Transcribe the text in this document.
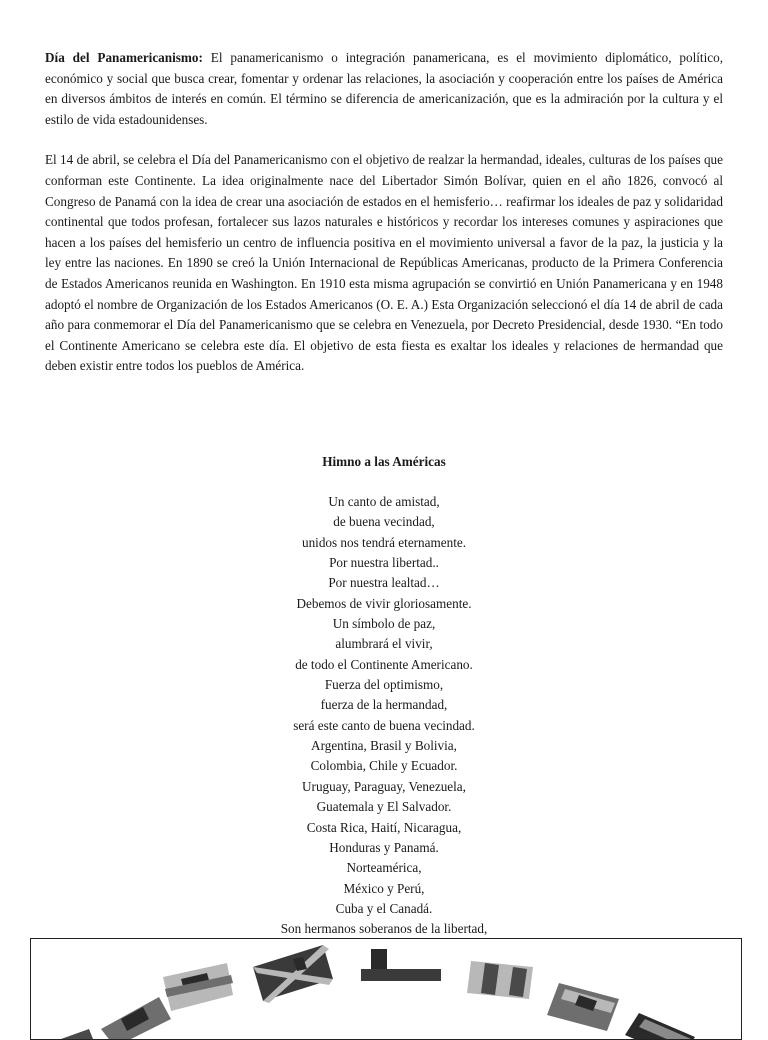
Día del Panamericanismo: El panamericanismo o integración panamericana, es el movimiento diplomático, político, económico y social que busca crear, fomentar y ordenar las relaciones, la asociación y cooperación entre los países de América en diversos ámbitos de interés en común. El término se diferencia de americanización, que es la admiración por la cultura y el estilo de vida estadounidenses.

El 14 de abril, se celebra el Día del Panamericanismo con el objetivo de realzar la hermandad, ideales, culturas de los países que conforman este Continente. La idea originalmente nace del Libertador Simón Bolívar, quien en el año 1826, convocó al Congreso de Panamá con la idea de crear una asociación de estados en el hemisferio… reafirmar los ideales de paz y solidaridad continental que todos profesan, fortalecer sus lazos naturales e históricos y recordar los intereses comunes y aspiraciones que hacen a los países del hemisferio un centro de influencia positiva en el movimiento universal a favor de la paz, la justicia y la ley entre las naciones. En 1890 se creó la Unión Internacional de Repúblicas Americanas, producto de la Primera Conferencia de Estados Americanos reunida en Washington. En 1910 esta misma agrupación se convirtió en Unión Panamericana y en 1948 adoptó el nombre de Organización de los Estados Americanos (O. E. A.) Esta Organización seleccionó el día 14 de abril de cada año para conmemorar el Día del Panamericanismo que se celebra en Venezuela, por Decreto Presidencial, desde 1930. “En todo el Continente Americano se celebra este día. El objetivo de esta fiesta es exaltar los ideales y relaciones de hermandad que deben existir entre todos los pueblos de América.

Himno a las Américas
Un canto de amistad,
de buena vecindad,
unidos nos tendrá eternamente.
Por nuestra libertad..
Por nuestra lealtad…
Debemos de vivir gloriosamente.
Un símbolo de paz,
alumbrará el vivir,
de todo el Continente Americano.
Fuerza del optimismo,
fuerza de la hermandad,
será este canto de buena vecindad.
Argentina, Brasil y Bolivia,
Colombia, Chile y Ecuador.
Uruguay, Paraguay, Venezuela,
Guatemala y El Salvador.
Costa Rica, Haití, Nicaragua,
Honduras y Panamá.
Norteamérica,
México y Perú,
Cuba y el Canadá.
Son hermanos soberanos de la libertad,
